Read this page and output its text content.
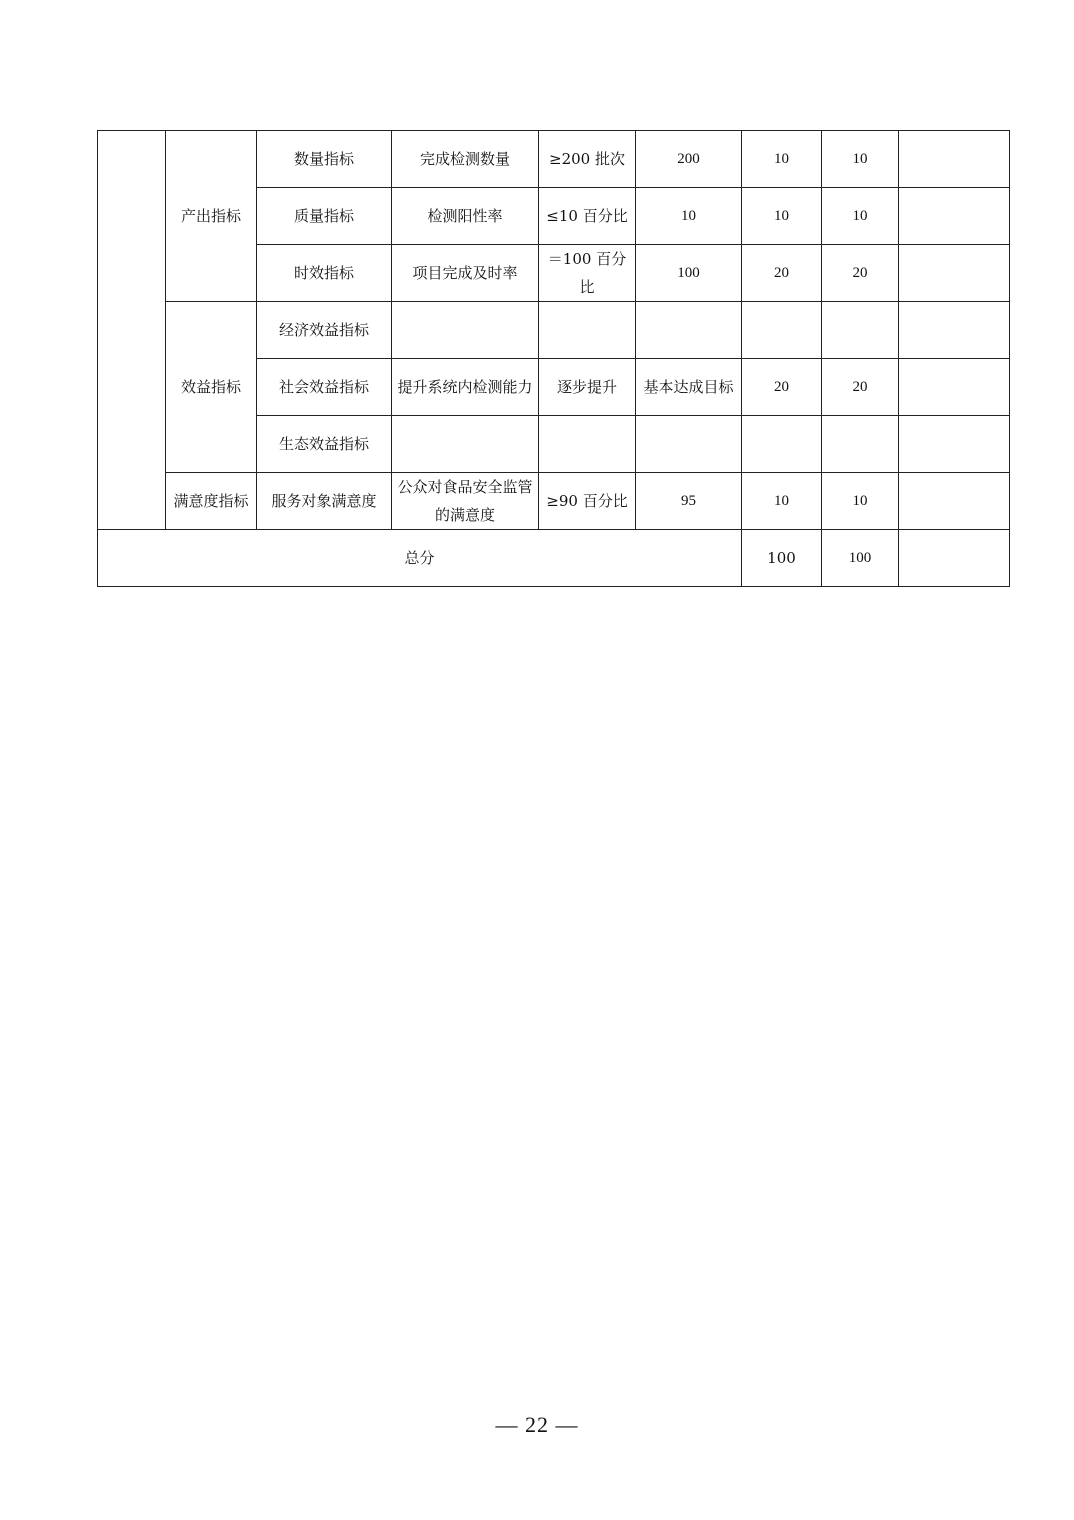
	产出指标	数量指标	完成检测数量	≥200 批次	200	10	10	
		质量指标	检测阳性率	≤10 百分比	10	10	10	
		时效指标	项目完成及时率	＝100 百分比	100	20	20	
	效益指标	经济效益指标						
		社会效益指标	提升系统内检测能力	逐步提升	基本达成目标	20	20	
		生态效益指标						
	满意度指标	服务对象满意度	公众对食品安全监管的满意度	≥90 百分比	95	10	10	
总分						100	100	
— 22 —
